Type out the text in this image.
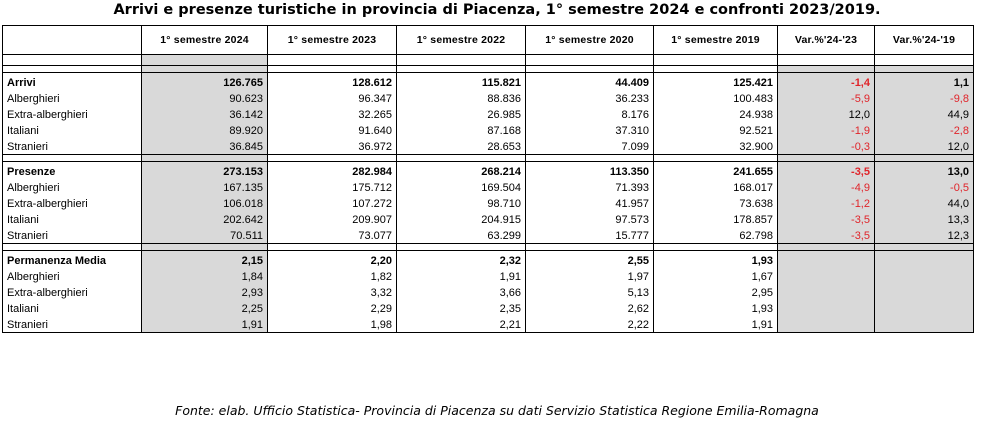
Arrivi e presenze turistiche in provincia di Piacenza, 1° semestre 2024 e confronti 2023/2019.
	1° semestre 2024	1° semestre 2023	1° semestre 2022	1° semestre 2020	1° semestre 2019	Var.%'24-'23	Var.%'24-'19

Arrivi	126.765	128.612	115.821	44.409	125.421	-1,4	1,1
Alberghieri	90.623	96.347	88.836	36.233	100.483	-5,9	-9,8
Extra-alberghieri	36.142	32.265	26.985	8.176	24.938	12,0	44,9
Italiani	89.920	91.640	87.168	37.310	92.521	-1,9	-2,8
Stranieri	36.845	36.972	28.653	7.099	32.900	-0,3	12,0

Presenze	273.153	282.984	268.214	113.350	241.655	-3,5	13,0
Alberghieri	167.135	175.712	169.504	71.393	168.017	-4,9	-0,5
Extra-alberghieri	106.018	107.272	98.710	41.957	73.638	-1,2	44,0
Italiani	202.642	209.907	204.915	97.573	178.857	-3,5	13,3
Stranieri	70.511	73.077	63.299	15.777	62.798	-3,5	12,3

Permanenza Media	2,15	2,20	2,32	2,55	1,93		
Alberghieri	1,84	1,82	1,91	1,97	1,67		
Extra-alberghieri	2,93	3,32	3,66	5,13	2,95		
Italiani	2,25	2,29	2,35	2,62	1,93		
Stranieri	1,91	1,98	2,21	2,22	1,91		
Fonte: elab. Ufficio Statistica- Provincia di Piacenza su dati Servizio Statistica Regione Emilia-Romagna
